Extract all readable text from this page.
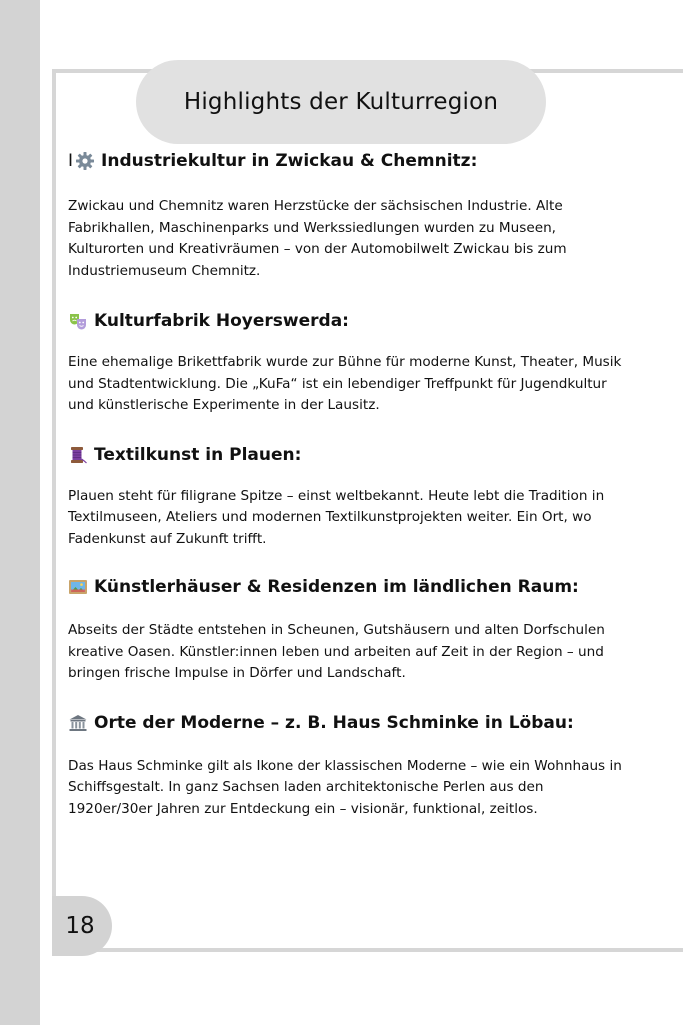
Highlights der Kulturregion
I Industriekultur in Zwickau & Chemnitz:

Zwickau und Chemnitz waren Herzstücke der sächsischen Industrie. Alte Fabrikhallen, Maschinenparks und Werkssiedlungen wurden zu Museen, Kulturorten und Kreativräumen – von der Automobilwelt Zwickau bis zum Industriemuseum Chemnitz.

Kulturfabrik Hoyerswerda:

Eine ehemalige Brikettfabrik wurde zur Bühne für moderne Kunst, Theater, Musik und Stadtentwicklung. Die „KuFa“ ist ein lebendiger Treffpunkt für Jugendkultur und künstlerische Experimente in der Lausitz.

Textilkunst in Plauen:

Plauen steht für filigrane Spitze – einst weltbekannt. Heute lebt die Tradition in Textilmuseen, Ateliers und modernen Textilkunstprojekten weiter. Ein Ort, wo Fadenkunst auf Zukunft trifft.

Künstlerhäuser & Residenzen im ländlichen Raum:

Abseits der Städte entstehen in Scheunen, Gutshäusern und alten Dorfschulen kreative Oasen. Künstler:innen leben und arbeiten auf Zeit in der Region – und bringen frische Impulse in Dörfer und Landschaft.

Orte der Moderne – z. B. Haus Schminke in Löbau:

Das Haus Schminke gilt als Ikone der klassischen Moderne – wie ein Wohnhaus in Schiffsgestalt. In ganz Sachsen laden architektonische Perlen aus den 1920er/30er Jahren zur Entdeckung ein – visionär, funktional, zeitlos.

18
